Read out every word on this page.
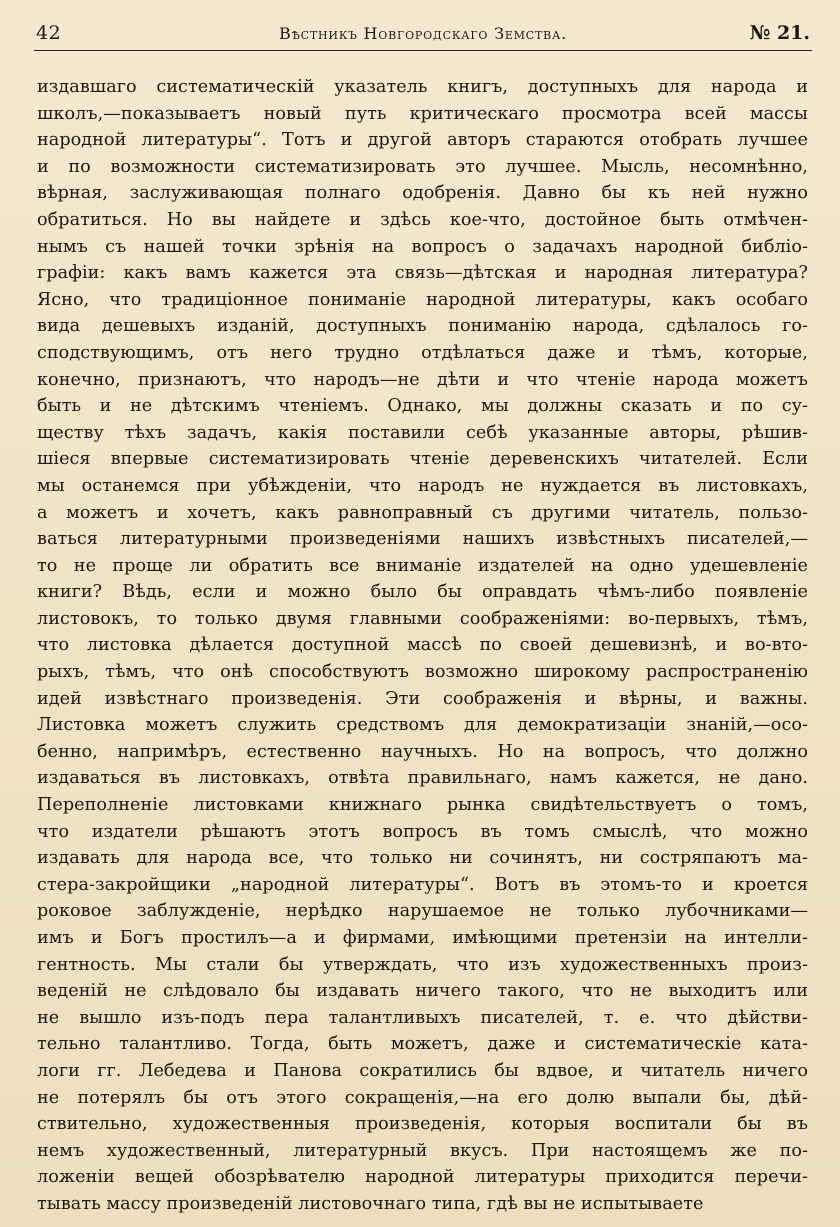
42	Вѣстникъ Новгородскаго Земства.	№ 21.
издавшаго систематическій указатель книгъ, доступныхъ для народа и
школъ,—показываетъ новый путь критическаго просмотра всей массы
народной литературы“. Тотъ и другой авторъ стараются отобрать лучшее
и по возможности систематизировать это лучшее. Мысль, несомнѣнно,
вѣрная, заслуживающая полнаго одобренія. Давно бы къ ней нужно
обратиться. Но вы найдете и здѣсь кое-что, достойное быть отмѣчен-
нымъ съ нашей точки зрѣнія на вопросъ о задачахъ народной библіо-
графіи: какъ вамъ кажется эта связь—дѣтская и народная литература?
Ясно, что традиціонное пониманіе народной литературы, какъ особаго
вида дешевыхъ изданій, доступныхъ пониманію народа, сдѣлалось го-
сподствующимъ, отъ него трудно отдѣлаться даже и тѣмъ, которые,
конечно, признаютъ, что народъ—не дѣти и что чтеніе народа можетъ
быть и не дѣтскимъ чтеніемъ. Однако, мы должны сказать и по су-
ществу тѣхъ задачъ, какія поставили себѣ указанные авторы, рѣшив-
шіеся впервые систематизировать чтеніе деревенскихъ читателей. Если
мы останемся при убѣжденіи, что народъ не нуждается въ листовкахъ,
а можетъ и хочетъ, какъ равноправный съ другими читатель, пользо-
ваться литературными произведеніями нашихъ извѣстныхъ писателей,—
то не проще ли обратить все вниманіе издателей на одно удешевленіе
книги? Вѣдь, если и можно было бы оправдать чѣмъ-либо появленіе
листовокъ, то только двумя главными соображеніями: во-первыхъ, тѣмъ,
что листовка дѣлается доступной массѣ по своей дешевизнѣ, и во-вто-
рыхъ, тѣмъ, что онѣ способствуютъ возможно широкому распространенію
идей извѣстнаго произведенія. Эти соображенія и вѣрны, и важны.
Листовка можетъ служить средствомъ для демократизаціи знаній,—осо-
бенно, напримѣръ, естественно научныхъ. Но на вопросъ, что должно
издаваться въ листовкахъ, отвѣта правильнаго, намъ кажется, не дано.
Переполненіе листовками книжнаго рынка свидѣтельствуетъ о томъ,
что издатели рѣшаютъ этотъ вопросъ въ томъ смыслѣ, что можно
издавать для народа все, что только ни сочинятъ, ни состряпаютъ ма-
стера-закройщики „народной литературы“. Вотъ въ этомъ-то и кроется
роковое заблужденіе, нерѣдко нарушаемое не только лубочниками—
имъ и Богъ простилъ—а и фирмами, имѣющими претензіи на интелли-
гентность. Мы стали бы утверждать, что изъ художественныхъ произ-
веденій не слѣдовало бы издавать ничего такого, что не выходитъ или
не вышло изъ-подъ пера талантливыхъ писателей, т. е. что дѣйстви-
тельно талантливо. Тогда, быть можетъ, даже и систематическіе ката-
логи гг. Лебедева и Панова сократились бы вдвое, и читатель ничего
не потерялъ бы отъ этого сокращенія,—на его долю выпали бы, дѣй-
ствительно, художественныя произведенія, которыя воспитали бы въ
немъ художественный, литературный вкусъ. При настоящемъ же по-
ложеніи вещей обозрѣвателю народной литературы приходится перечи-
тывать массу произведеній листовочнаго типа, гдѣ вы не испытываете
